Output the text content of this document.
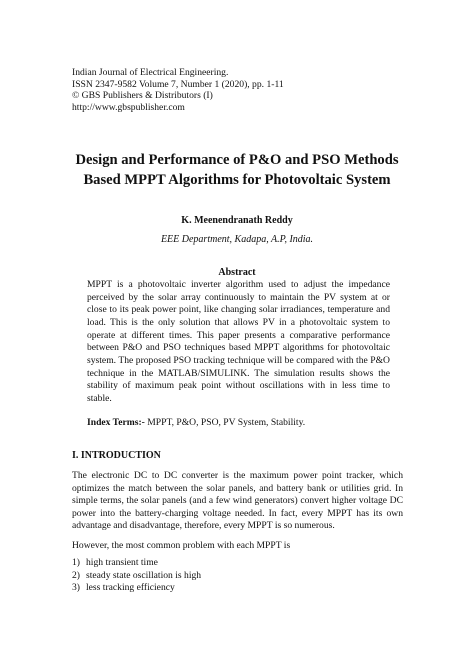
Indian Journal of Electrical Engineering.
ISSN 2347-9582 Volume 7, Number 1 (2020), pp. 1-11
© GBS Publishers & Distributors (I)
http://www.gbspublisher.com
Design and Performance of P&O and PSO Methods
Based MPPT Algorithms for Photovoltaic System
K. Meenendranath Reddy
EEE Department, Kadapa, A.P, India.
Abstract
MPPT is a photovoltaic inverter algorithm used to adjust the impedance perceived by the solar array continuously to maintain the PV system at or close to its peak power point, like changing solar irradiances, temperature and load. This is the only solution that allows PV in a photovoltaic system to operate at different times. This paper presents a comparative performance between P&O and PSO techniques based MPPT algorithms for photovoltaic system. The proposed PSO tracking technique will be compared with the P&O technique in the MATLAB/SIMULINK. The simulation results shows the stability of maximum peak point without oscillations with in less time to stable.
Index Terms:- MPPT, P&O, PSO, PV System, Stability.
I. INTRODUCTION
The electronic DC to DC converter is the maximum power point tracker, which optimizes the match between the solar panels, and battery bank or utilities grid. In simple terms, the solar panels (and a few wind generators) convert higher voltage DC power into the battery-charging voltage needed. In fact, every MPPT has its own advantage and disadvantage, therefore, every MPPT is so numerous.
However, the most common problem with each MPPT is
1) high transient time
2) steady state oscillation is high
3) less tracking efficiency
